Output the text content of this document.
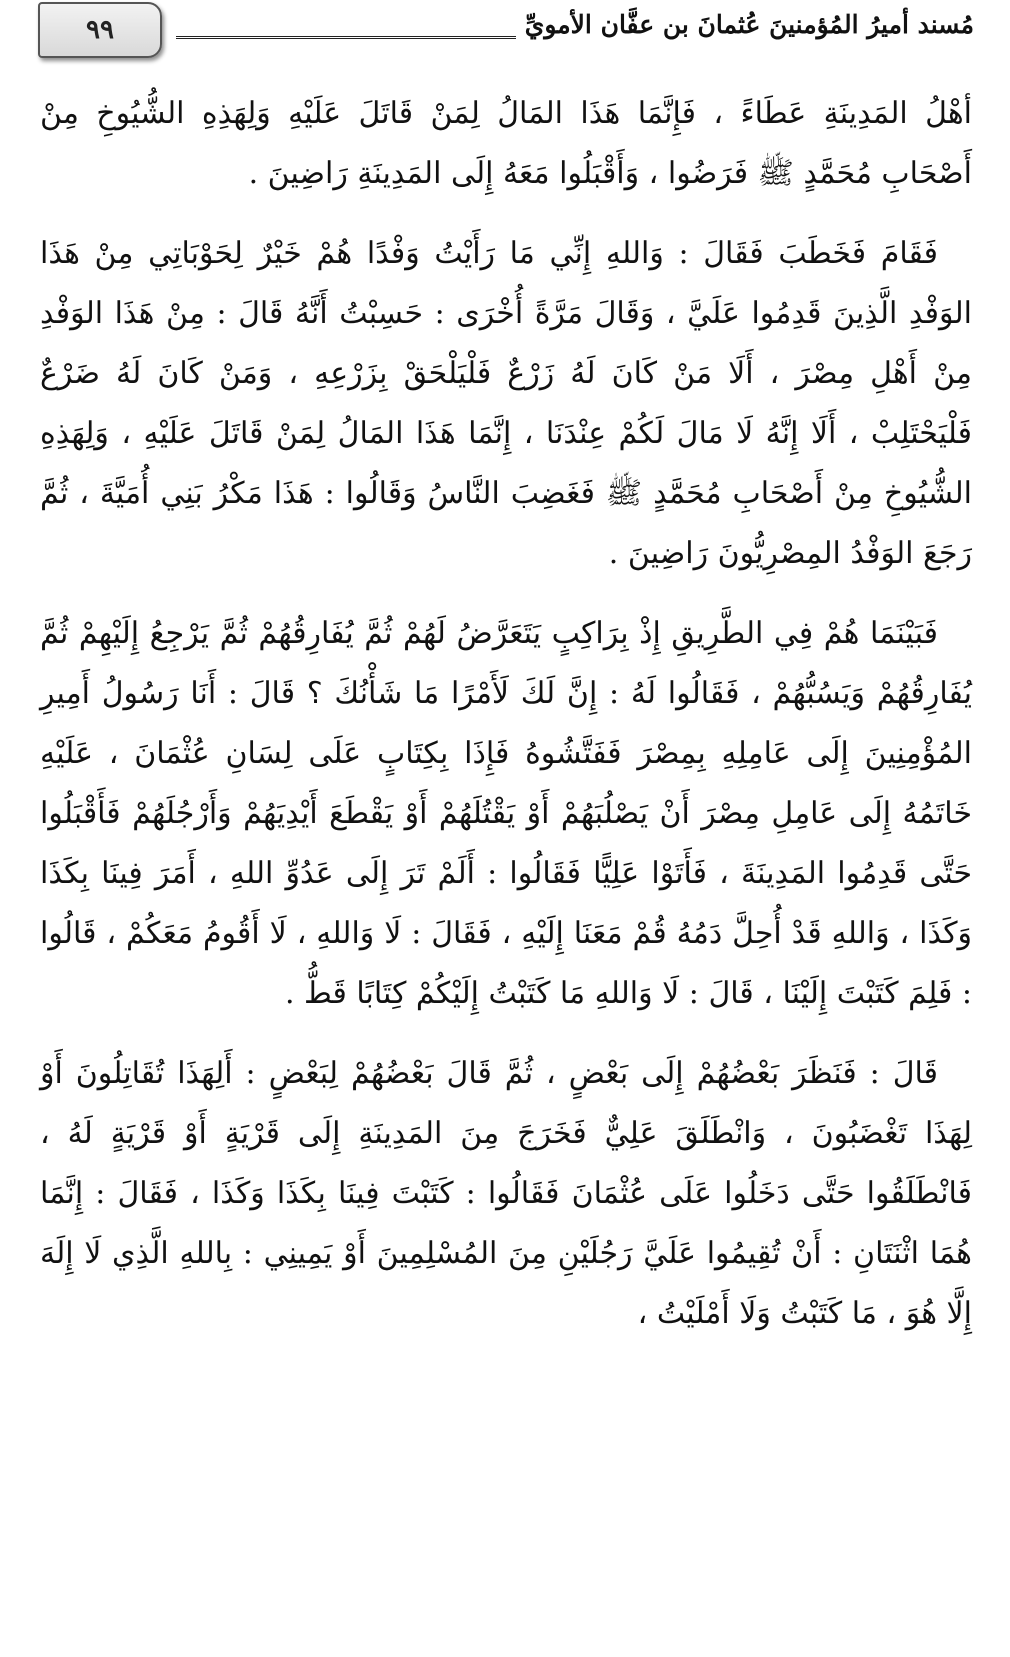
٩٩	مُسند أميرُ المُؤمنينَ عُثمانَ بن عفَّان الأمويِّ

أهْلُ المَدِينَةِ عَطَاءً ، فَإِنَّمَا هَذَا المَالُ لِمَنْ قَاتَلَ عَلَيْهِ وَلِهَذِهِ الشُّيُوخِ مِنْ أَصْحَابِ مُحَمَّدٍ ﷺ فَرَضُوا ، وَأَقْبَلُوا مَعَهُ إِلَى المَدِينَةِ رَاضِينَ .

فَقَامَ فَخَطَبَ فَقَالَ : وَاللهِ إِنِّي مَا رَأَيْتُ وَفْدًا هُمْ خَيْرٌ لِحَوْبَاتِي مِنْ هَذَا الوَفْدِ الَّذِينَ قَدِمُوا عَلَيَّ ، وَقَالَ مَرَّةً أُخْرَى : حَسِبْتُ أَنَّهُ قَالَ : مِنْ هَذَا الوَفْدِ مِنْ أَهْلِ مِصْرَ ، أَلَا مَنْ كَانَ لَهُ زَرْعٌ فَلْيَلْحَقْ بِزَرْعِهِ ، وَمَنْ كَانَ لَهُ ضَرْعٌ فَلْيَحْتَلِبْ ، أَلَا إِنَّهُ لَا مَالَ لَكُمْ عِنْدَنَا ، إِنَّمَا هَذَا المَالُ لِمَنْ قَاتَلَ عَلَيْهِ ، وَلِهَذِهِ الشُّيُوخِ مِنْ أَصْحَابِ مُحَمَّدٍ ﷺ فَغَضِبَ النَّاسُ وَقَالُوا : هَذَا مَكْرُ بَنِي أُمَيَّةَ ، ثُمَّ رَجَعَ الوَفْدُ المِصْرِيُّونَ رَاضِينَ .

فَبَيْنَمَا هُمْ فِي الطَّرِيقِ إِذْ بِرَاكِبٍ يَتَعَرَّضُ لَهُمْ ثُمَّ يُفَارِقُهُمْ ثُمَّ يَرْجِعُ إِلَيْهِمْ ثُمَّ يُفَارِقُهُمْ وَيَسُبُّهُمْ ، فَقَالُوا لَهُ : إِنَّ لَكَ لَأَمْرًا مَا شَأْنُكَ ؟ قَالَ : أَنَا رَسُولُ أَمِيرِ المُؤْمِنِينَ إِلَى عَامِلِهِ بِمِصْرَ فَفَتَّشُوهُ فَإِذَا بِكِتَابٍ عَلَى لِسَانِ عُثْمَانَ ، عَلَيْهِ خَاتَمُهُ إِلَى عَامِلِ مِصْرَ أَنْ يَصْلُبَهُمْ أَوْ يَقْتُلَهُمْ أَوْ يَقْطَعَ أَيْدِيَهُمْ وَأَرْجُلَهُمْ فَأَقْبَلُوا حَتَّى قَدِمُوا المَدِينَةَ ، فَأَتَوْا عَلِيًّا فَقَالُوا : أَلَمْ تَرَ إِلَى عَدُوِّ اللهِ ، أَمَرَ فِينَا بِكَذَا وَكَذَا ، وَاللهِ قَدْ أُحِلَّ دَمُهُ قُمْ مَعَنَا إِلَيْهِ ، فَقَالَ : لَا وَاللهِ ، لَا أَقُومُ مَعَكُمْ ، قَالُوا : فَلِمَ كَتَبْتَ إِلَيْنَا ، قَالَ : لَا وَاللهِ مَا كَتَبْتُ إِلَيْكُمْ كِتَابًا قَطُّ .

قَالَ : فَنَظَرَ بَعْضُهُمْ إِلَى بَعْضٍ ، ثُمَّ قَالَ بَعْضُهُمْ لِبَعْضٍ : أَلِهَذَا تُقَاتِلُونَ أَوْ لِهَذَا تَغْضَبُونَ ، وَانْطَلَقَ عَلِيٌّ فَخَرَجَ مِنَ المَدِينَةِ إِلَى قَرْيَةٍ أَوْ قَرْيَةٍ لَهُ ، فَانْطَلَقُوا حَتَّى دَخَلُوا عَلَى عُثْمَانَ فَقَالُوا : كَتَبْتَ فِينَا بِكَذَا وَكَذَا ، فَقَالَ : إِنَّمَا هُمَا اثْنَتَانِ : أَنْ تُقِيمُوا عَلَيَّ رَجُلَيْنِ مِنَ المُسْلِمِينَ أَوْ يَمِينِي : بِاللهِ الَّذِي لَا إِلَهَ إِلَّا هُوَ ، مَا كَتَبْتُ وَلَا أَمْلَيْتُ ،
